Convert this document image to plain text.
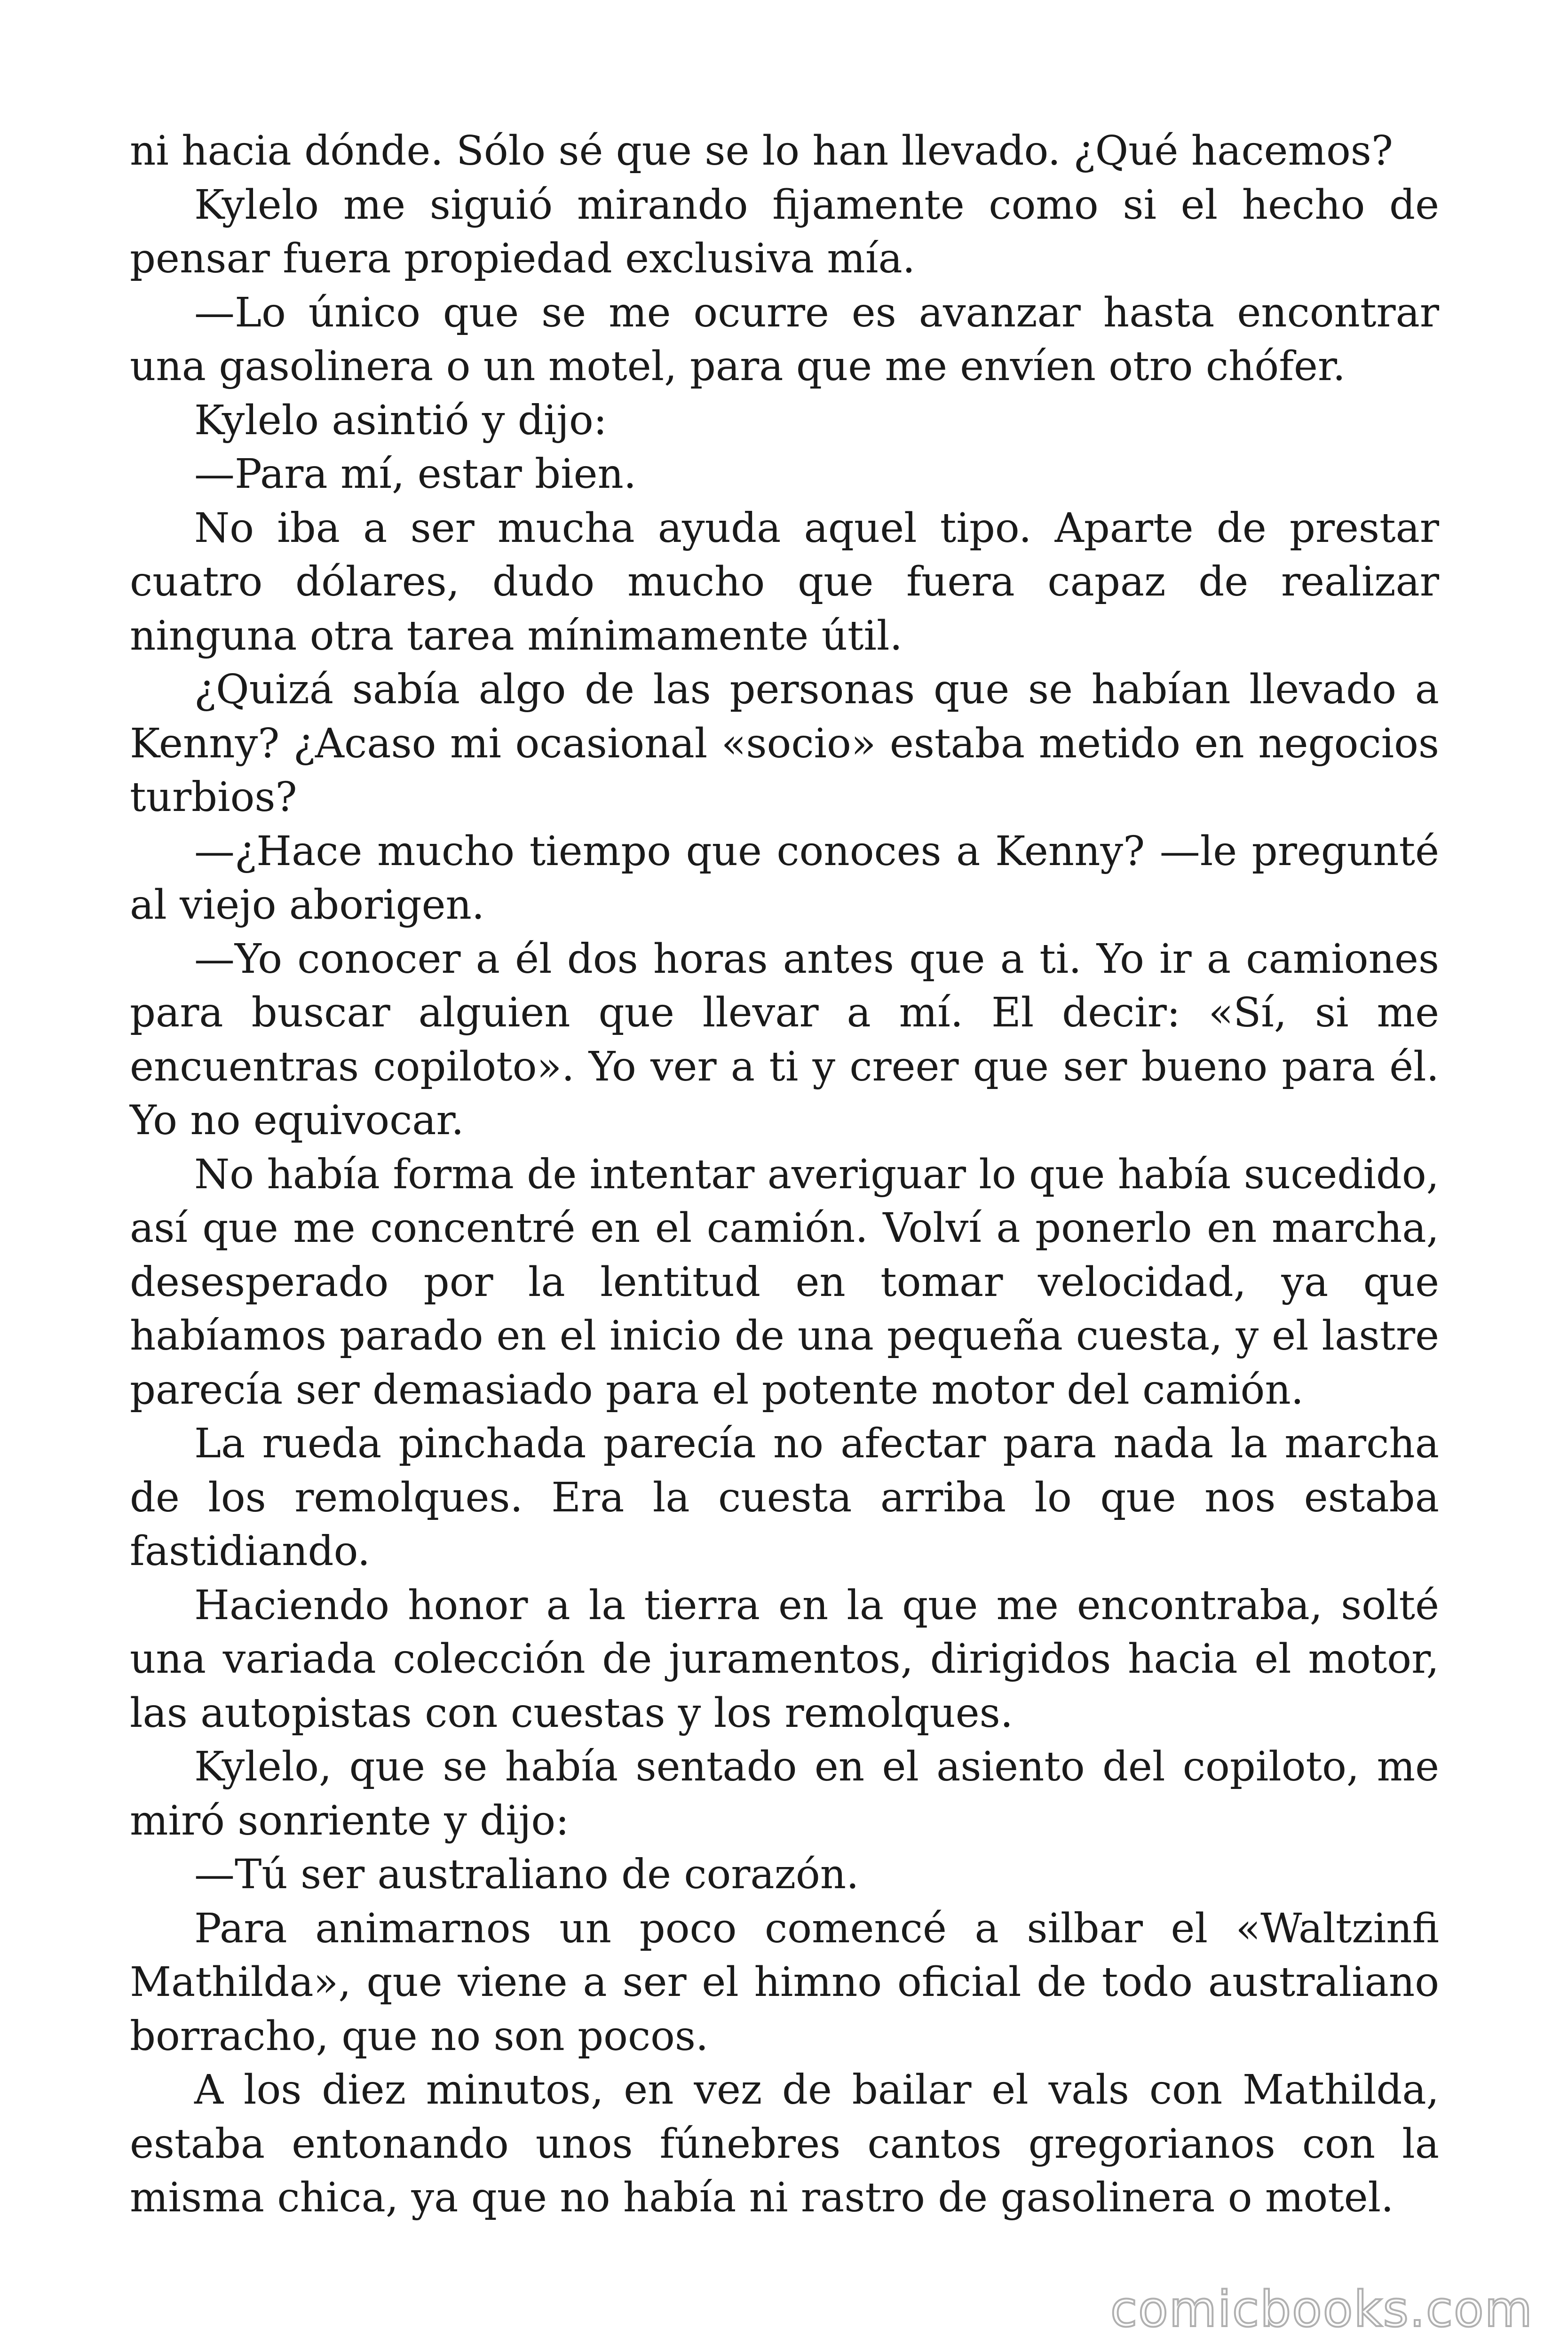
ni hacia dónde. Sólo sé que se lo han llevado. ¿Qué hacemos?

Kylelo me siguió mirando fijamente como si el hecho de pensar fuera propiedad exclusiva mía.

—Lo único que se me ocurre es avanzar hasta encontrar una gasolinera o un motel, para que me envíen otro chófer.

Kylelo asintió y dijo:

—Para mí, estar bien.

No iba a ser mucha ayuda aquel tipo. Aparte de prestar cuatro dólares, dudo mucho que fuera capaz de realizar ninguna otra tarea mínimamente útil.

¿Quizá sabía algo de las personas que se habían llevado a Kenny? ¿Acaso mi ocasional «socio» estaba metido en negocios turbios?

—¿Hace mucho tiempo que conoces a Kenny? —le pregunté al viejo aborigen.

—Yo conocer a él dos horas antes que a ti. Yo ir a camiones para buscar alguien que llevar a mí. El decir: «Sí, si me encuentras copiloto». Yo ver a ti y creer que ser bueno para él. Yo no equivocar.

No había forma de intentar averiguar lo que había sucedido, así que me concentré en el camión. Volví a ponerlo en marcha, desesperado por la lentitud en tomar velocidad, ya que habíamos parado en el inicio de una pequeña cuesta, y el lastre parecía ser demasiado para el potente motor del camión.

La rueda pinchada parecía no afectar para nada la marcha de los remolques. Era la cuesta arriba lo que nos estaba fastidiando.

Haciendo honor a la tierra en la que me encontraba, solté una variada colección de juramentos, dirigidos hacia el motor, las autopistas con cuestas y los remolques.

Kylelo, que se había sentado en el asiento del copiloto, me miró sonriente y dijo:

—Tú ser australiano de corazón.

Para animarnos un poco comencé a silbar el «Waltzinfi Mathilda», que viene a ser el himno oficial de todo australiano borracho, que no son pocos.

A los diez minutos, en vez de bailar el vals con Mathilda, estaba entonando unos fúnebres cantos gregorianos con la misma chica, ya que no había ni rastro de gasolinera o motel.

comicbooks.com
